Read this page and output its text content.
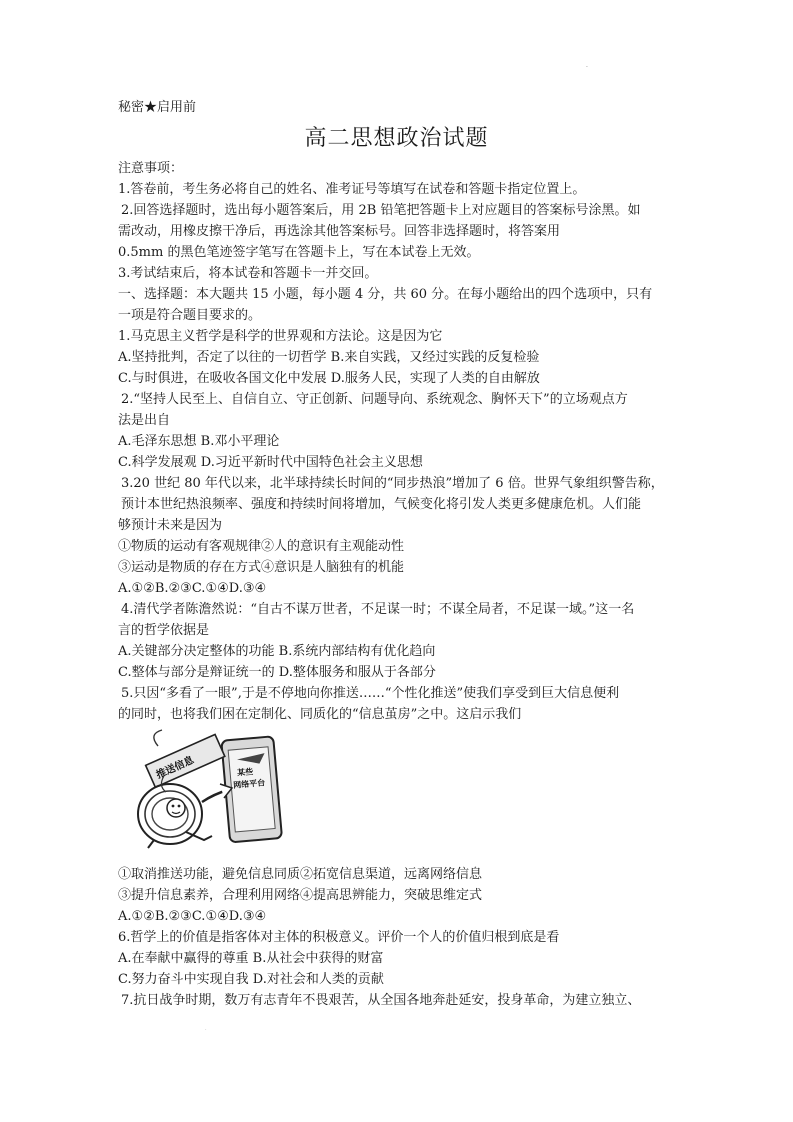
.
秘密★启用前
高二思想政治试题
注意事项：
1.答卷前，考生务必将自己的姓名、准考证号等填写在试卷和答题卡指定位置上。
2.回答选择题时，选出每小题答案后，用 2B 铅笔把答题卡上对应题目的答案标号涂黑。如
需改动，用橡皮擦干净后，再选涂其他答案标号。回答非选择题时，将答案用
0.5mm 的黑色笔迹签字笔写在答题卡上，写在本试卷上无效。
3.考试结束后，将本试卷和答题卡一并交回。
一、选择题：本大题共 15 小题，每小题 4 分，共 60 分。在每小题给出的四个选项中，只有
一项是符合题目要求的。
1.马克思主义哲学是科学的世界观和方法论。这是因为它
A.坚持批判，否定了以往的一切哲学 B.来自实践，又经过实践的反复检验
C.与时俱进，在吸收各国文化中发展 D.服务人民，实现了人类的自由解放
2.“坚持人民至上、自信自立、守正创新、问题导向、系统观念、胸怀天下”的立场观点方
法是出自
A.毛泽东思想 B.邓小平理论
C.科学发展观 D.习近平新时代中国特色社会主义思想
3.20 世纪 80 年代以来，北半球持续长时间的“同步热浪”增加了 6 倍。世界气象组织警告称，
预计本世纪热浪频率、强度和持续时间将增加，气候变化将引发人类更多健康危机。人们能
够预计未来是因为
①物质的运动有客观规律②人的意识有主观能动性
③运动是物质的存在方式④意识是人脑独有的机能
A.①②B.②③C.①④D.③④
4.清代学者陈澹然说：“自古不谋万世者，不足谋一时；不谋全局者，不足谋一域。”这一名
言的哲学依据是
A.关键部分决定整体的功能 B.系统内部结构有优化趋向
C.整体与部分是辩证统一的 D.整体服务和服从于各部分
5.只因“多看了一眼”,于是不停地向你推送……“个性化推送”使我们享受到巨大信息便利
的同时，也将我们困在定制化、同质化的“信息茧房”之中。这启示我们
某些
网络平台
推送信息
①取消推送功能，避免信息同质②拓宽信息渠道，远离网络信息
③提升信息素养，合理利用网络④提高思辨能力，突破思维定式
A.①②B.②③C.①④D.③④
6.哲学上的价值是指客体对主体的积极意义。评价一个人的价值归根到底是看
A.在奉献中赢得的尊重 B.从社会中获得的财富
C.努力奋斗中实现自我 D.对社会和人类的贡献
7.抗日战争时期，数万有志青年不畏艰苦，从全国各地奔赴延安，投身革命，为建立独立、
.
